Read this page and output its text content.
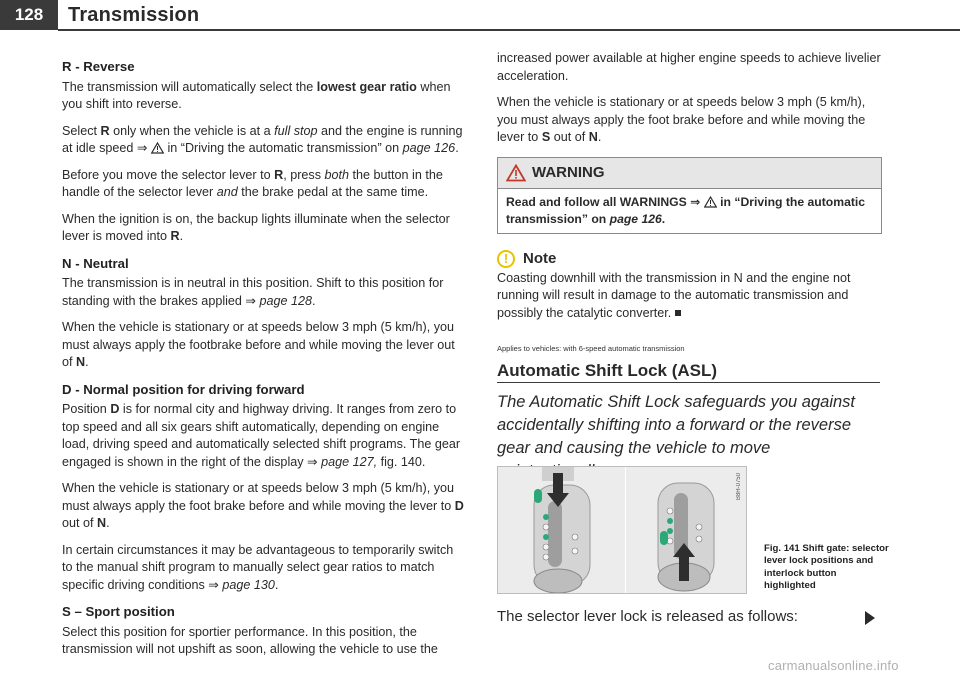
128	Transmission
R - Reverse

The transmission will automatically select the lowest gear ratio when you shift into reverse.

Select R only when the vehicle is at a full stop and the engine is running at idle speed ⇒  in “Driving the automatic transmission” on page 126.

Before you move the selector lever to R, press both the button in the handle of the selector lever and the brake pedal at the same time.

When the ignition is on, the backup lights illuminate when the selector lever is moved into R.

N - Neutral

The transmission is in neutral in this position. Shift to this position for standing with the brakes applied ⇒ page 128.

When the vehicle is stationary or at speeds below 3 mph (5 km/h), you must always apply the footbrake before and while moving the lever out of N.

D - Normal position for driving forward

Position D is for normal city and highway driving. It ranges from zero to top speed and all six gears shift automatically, depending on engine load, driving speed and automatically selected shift programs. The gear engaged is shown in the right of the display ⇒ page 127, fig. 140.

When the vehicle is stationary or at speeds below 3 mph (5 km/h), you must always apply the foot brake before and while moving the lever to D out of N.

In certain circumstances it may be advantageous to temporarily switch to the manual shift program to manually select gear ratios to match specific driving conditions ⇒ page 130.

S – Sport position

Select this position for sportier performance. In this position, the transmission will not upshift as soon, allowing the vehicle to use the

increased power available at higher engine speeds to achieve livelier acceleration.

When the vehicle is stationary or at speeds below 3 mph (5 km/h), you must always apply the foot brake before and while moving the lever to S out of N.

WARNING
Read and follow all WARNINGS ⇒  in “Driving the automatic transmission” on page 126.
! Note

Coasting downhill with the transmission in N and the engine not running will result in damage to the automatic transmission and possibly the catalytic converter.

Applies to vehicles: with 6-speed automatic transmission
Automatic Shift Lock (ASL)

The Automatic Shift Lock safeguards you against accidentally shifting into a forward or the reverse gear and causing the vehicle to move

B8H-0750
Fig. 141 Shift gate: selector lever lock positions and interlock button highlighted
The selector lever lock is released as follows:
carmanualsonline.info
